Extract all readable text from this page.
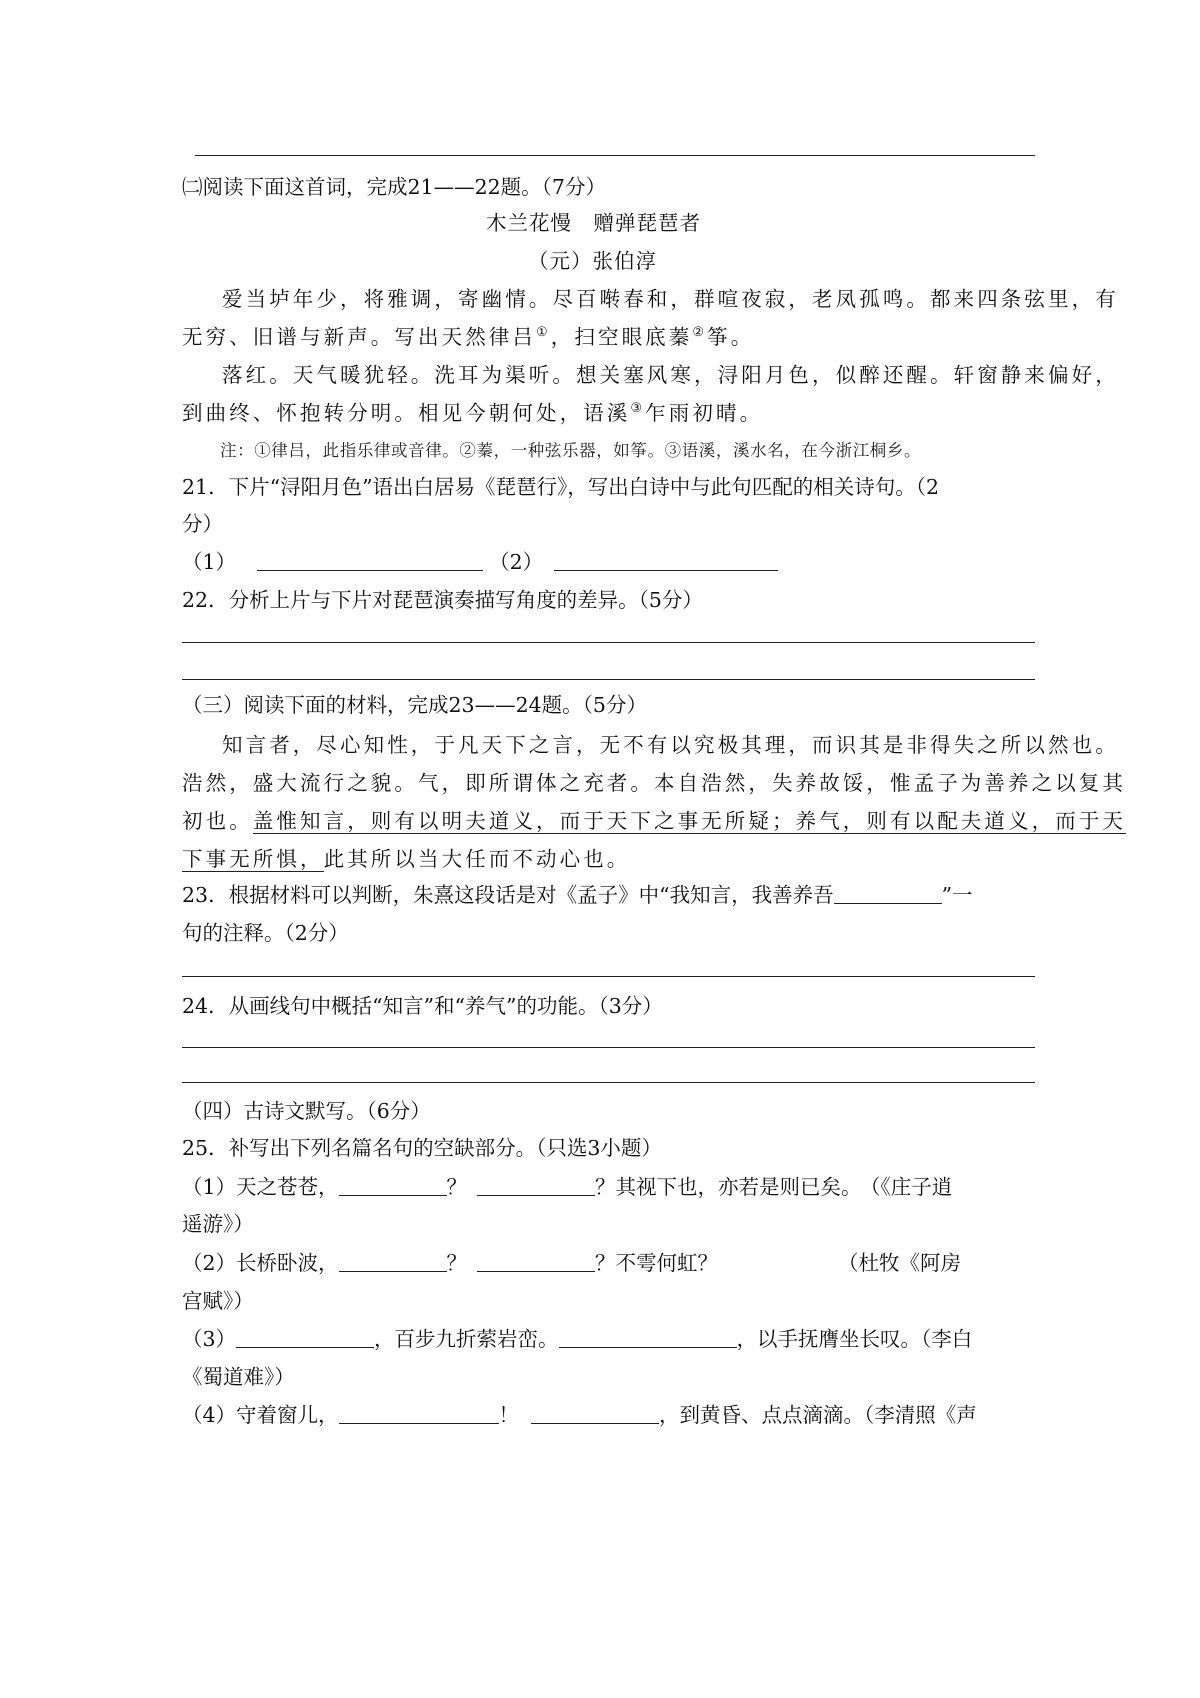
㈡阅读下面这首词，完成21——22题。（7分）
木兰花慢　赠弹琵琶者
（元）张伯淳
爱当垆年少，将雅调，寄幽情。尽百啭春和，群喧夜寂，老凤孤鸣。都来四条弦里，有
无穷、旧谱与新声。写出天然律吕①，扫空眼底蓁②筝。
落红。天气暖犹轻。洗耳为渠听。想关塞风寒，浔阳月色，似醉还醒。轩窗静来偏好，
到曲终、怀抱转分明。相见今朝何处，语溪③乍雨初晴。
注：①律吕，此指乐律或音律。②蓁，一种弦乐器，如筝。③语溪，溪水名，在今浙江桐乡。
21．下片“浔阳月色”语出白居易《琵琶行》，写出白诗中与此句匹配的相关诗句。（2
分）
（1）	（2）
22．分析上片与下片对琵琶演奏描写角度的差异。（5分）
（三）阅读下面的材料，完成23——24题。（5分）
知言者，尽心知性，于凡天下之言，无不有以究极其理，而识其是非得失之所以然也。
浩然，盛大流行之貌。气，即所谓体之充者。本自浩然，失养故馁，惟孟子为善养之以复其
初也。盖惟知言，则有以明夫道义，而于天下之事无所疑；养气，则有以配夫道义，而于天
下事无所惧，此其所以当大任而不动心也。
23．根据材料可以判断，朱熹这段话是对《孟子》中“我知言，我善养吾	”一
句的注释。（2分）
24．从画线句中概括“知言”和“养气”的功能。（3分）
（四）古诗文默写。（6分）
25．补写出下列名篇名句的空缺部分。（只选3小题）
（1）天之苍苍，	？	？其视下也，亦若是则已矣。
（《庄子逍
遥游》）
（2）长桥卧波，	？	？不雩何虹？	（杜牧《阿房
宫赋》）
（3）	，百步九折萦岩峦。	，以手抚膺坐长叹。（李白
《蜀道难》）
（4）守着窗儿，	！	，到黄昏、点点滴滴。（李清照《声
